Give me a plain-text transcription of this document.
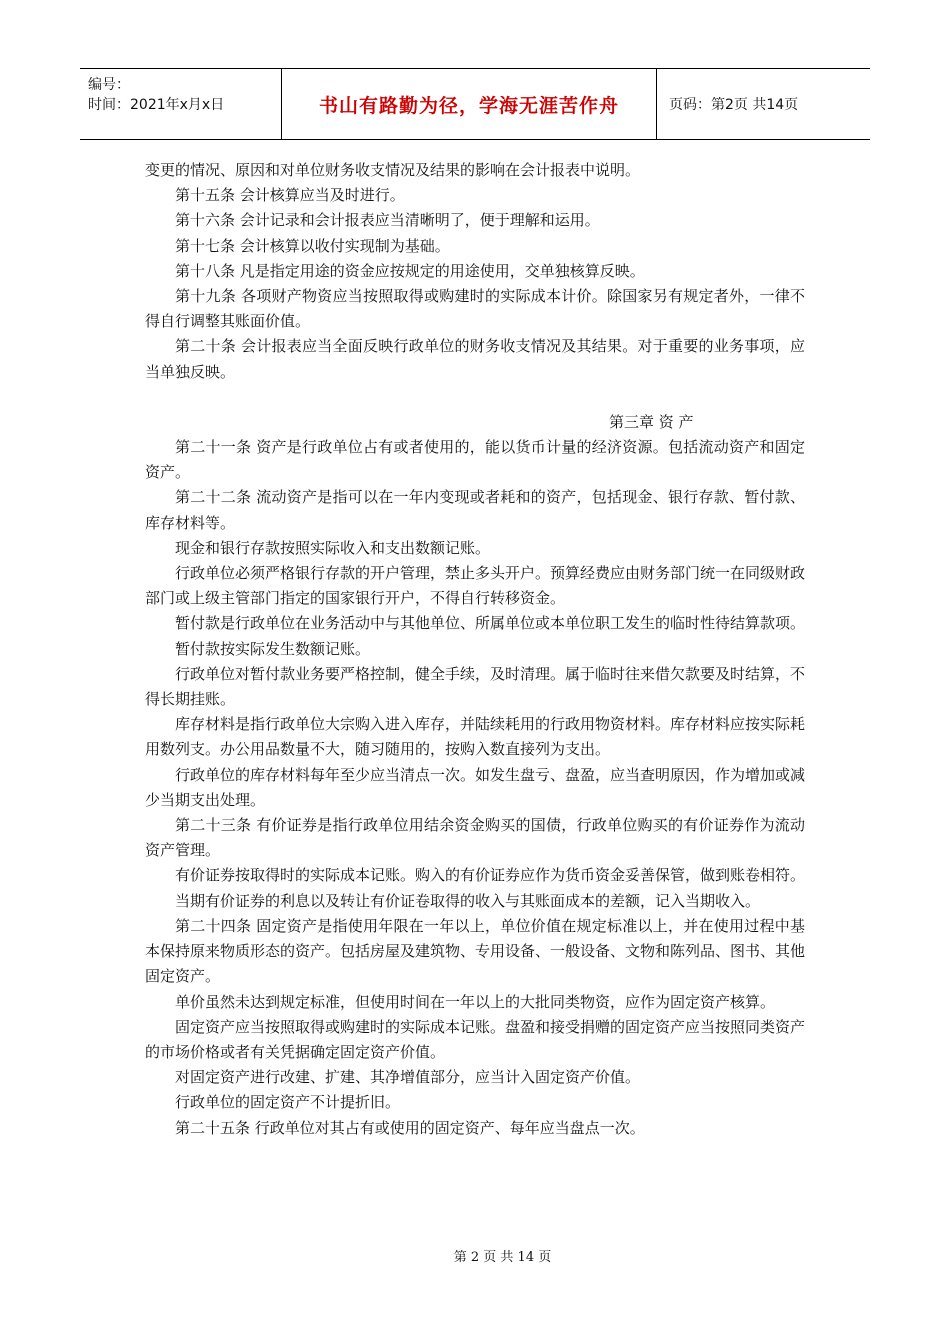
编号：
时间：2021年x月x日	书山有路勤为径，学海无涯苦作舟	页码：第2页 共14页

变更的情况、原因和对单位财务收支情况及结果的影响在会计报表中说明。

第十五条 会计核算应当及时进行。

第十六条 会计记录和会计报表应当清晰明了，便于理解和运用。

第十七条 会计核算以收付实现制为基础。

第十八条 凡是指定用途的资金应按规定的用途使用，交单独核算反映。

第十九条 各项财产物资应当按照取得或购建时的实际成本计价。除国家另有规定者外，一律不得自行调整其账面价值。

第二十条 会计报表应当全面反映行政单位的财务收支情况及其结果。对于重要的业务事项，应当单独反映。

第三章 资 产

第二十一条 资产是行政单位占有或者使用的，能以货币计量的经济资源。包括流动资产和固定资产。

第二十二条 流动资产是指可以在一年内变现或者耗和的资产，包括现金、银行存款、暂付款、库存材料等。

现金和银行存款按照实际收入和支出数额记账。

行政单位必须严格银行存款的开户管理，禁止多头开户。预算经费应由财务部门统一在同级财政部门或上级主管部门指定的国家银行开户，不得自行转移资金。

暂付款是行政单位在业务活动中与其他单位、所属单位或本单位职工发生的临时性待结算款项。

暂付款按实际发生数额记账。

行政单位对暂付款业务要严格控制，健全手续，及时清理。属于临时往来借欠款要及时结算，不得长期挂账。

库存材料是指行政单位大宗购入进入库存，并陆续耗用的行政用物资材料。库存材料应按实际耗用数列支。办公用品数量不大，随习随用的，按购入数直接列为支出。

行政单位的库存材料每年至少应当清点一次。如发生盘亏、盘盈，应当查明原因，作为增加或减少当期支出处理。

第二十三条 有价证券是指行政单位用结余资金购买的国债，行政单位购买的有价证券作为流动资产管理。

有价证券按取得时的实际成本记账。购入的有价证券应作为货币资金妥善保管，做到账卷相符。

当期有价证券的利息以及转让有价证卷取得的收入与其账面成本的差额，记入当期收入。

第二十四条 固定资产是指使用年限在一年以上，单位价值在规定标准以上，并在使用过程中基本保持原来物质形态的资产。包括房屋及建筑物、专用设备、一般设备、文物和陈列品、图书、其他固定资产。

单价虽然未达到规定标准，但使用时间在一年以上的大批同类物资，应作为固定资产核算。

固定资产应当按照取得或购建时的实际成本记账。盘盈和接受捐赠的固定资产应当按照同类资产的市场价格或者有关凭据确定固定资产价值。

对固定资产进行改建、扩建、其净增值部分，应当计入固定资产价值。

行政单位的固定资产不计提折旧。

第二十五条 行政单位对其占有或使用的固定资产、每年应当盘点一次。

第 2 页 共 14 页
